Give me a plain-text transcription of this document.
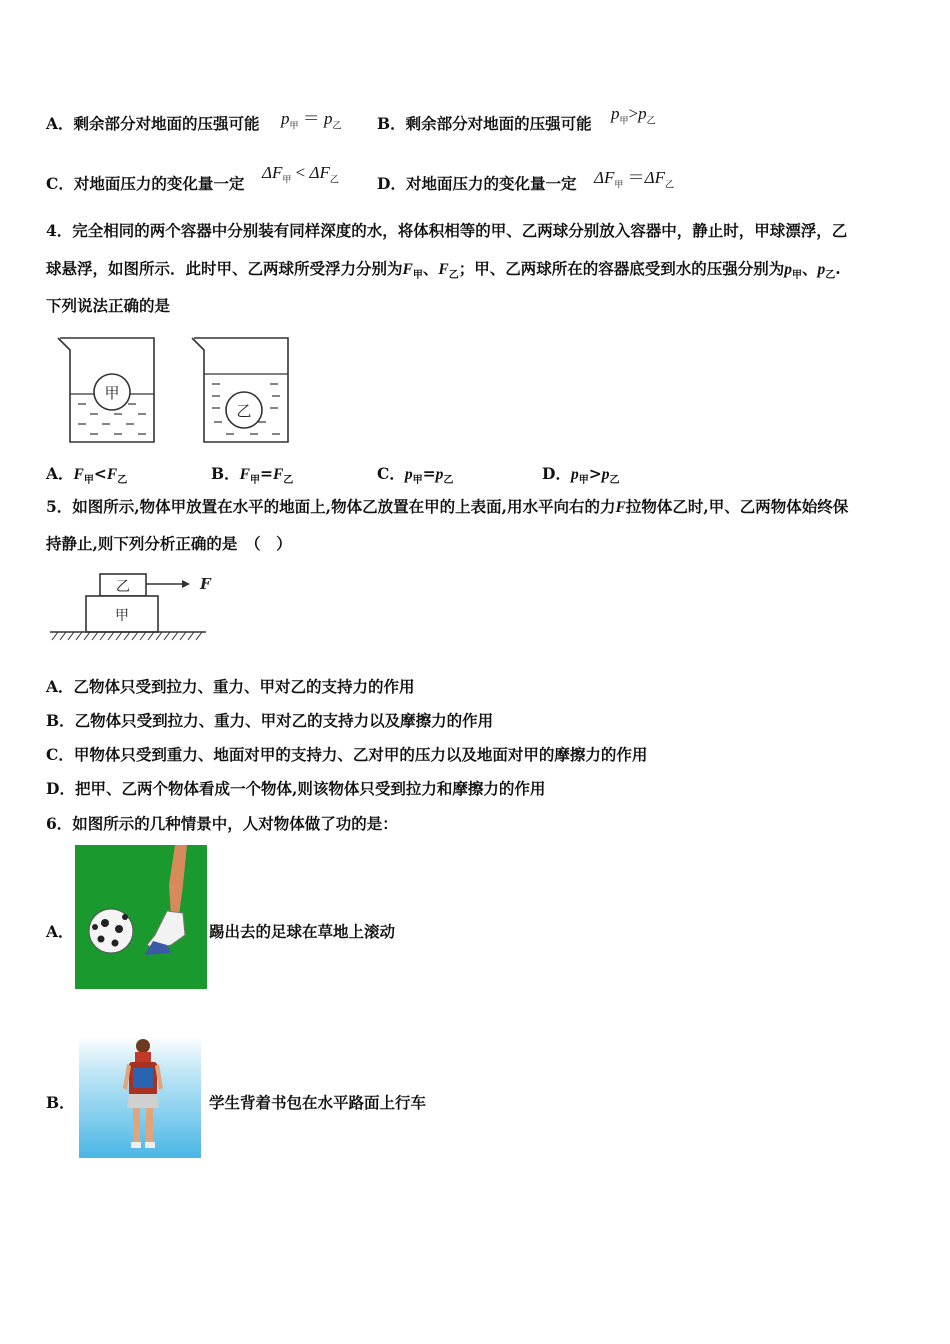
A．剩余部分对地面的压强可能 $p_甲 = p_乙$ B．剩余部分对地面的压强可能
$p_甲>p_乙$
C．对地面压力的变化量一定
$\Delta F_甲 < \Delta F_乙$ D．对地面压力的变化量一定 $\Delta F_甲 =\Delta F_乙$
4．完全相同的两个容器中分别装有同样深度的水，将体积相等的甲、乙两球分别放入容器中，静止时，甲球漂浮，乙
球悬浮，如图所示．此时甲、乙两球所受浮力分别为$F_甲$、$F_乙$；甲、乙两球所在的容器底受到水的压强分别为$p_甲$、$p_乙$.
下列说法正确的是
甲
乙
A．$F_甲<F_乙$	B．$F_甲=F_乙$	C．$p_甲=p_乙$	D．$p_甲>p_乙$
5．如图所示,物体甲放置在水平的地面上,物体乙放置在甲的上表面,用水平向右的力F拉物体乙时,甲、乙两物体始终保
持静止,则下列分析正确的是　（　）
乙
甲
F
A．乙物体只受到拉力、重力、甲对乙的支持力的作用
B．乙物体只受到拉力、重力、甲对乙的支持力以及摩擦力的作用
C．甲物体只受到重力、地面对甲的支持力、乙对甲的压力以及地面对甲的摩擦力的作用
D．把甲、乙两个物体看成一个物体,则该物体只受到拉力和摩擦力的作用
6．如图所示的几种情景中，人对物体做了功的是：
A．	踢出去的足球在草地上滚动
B．	学生背着书包在水平路面上行车
